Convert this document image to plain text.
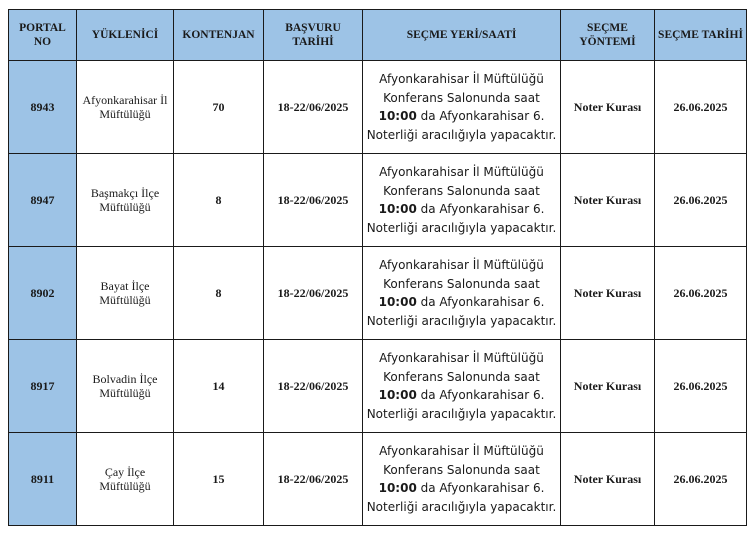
PORTAL NO	YÜKLENİCİ	KONTENJAN	BAŞVURU TARİHİ	SEÇME YERİ/SAATİ	SEÇME YÖNTEMİ	SEÇME TARİHİ
8943	Afyonkarahisar İl Müftülüğü	70	18-22/06/2025	Afyonkarahisar İl Müftülüğü Konferans Salonunda saat 10:00 da Afyonkarahisar 6. Noterliği aracılığıyla yapacaktır.	Noter Kurası	26.06.2025
8947	Başmakçı İlçe Müftülüğü	8	18-22/06/2025	Afyonkarahisar İl Müftülüğü Konferans Salonunda saat 10:00 da Afyonkarahisar 6. Noterliği aracılığıyla yapacaktır.	Noter Kurası	26.06.2025
8902	Bayat İlçe Müftülüğü	8	18-22/06/2025	Afyonkarahisar İl Müftülüğü Konferans Salonunda saat 10:00 da Afyonkarahisar 6. Noterliği aracılığıyla yapacaktır.	Noter Kurası	26.06.2025
8917	Bolvadin İlçe Müftülüğü	14	18-22/06/2025	Afyonkarahisar İl Müftülüğü Konferans Salonunda saat 10:00 da Afyonkarahisar 6. Noterliği aracılığıyla yapacaktır.	Noter Kurası	26.06.2025
8911	Çay İlçe Müftülüğü	15	18-22/06/2025	Afyonkarahisar İl Müftülüğü Konferans Salonunda saat 10:00 da Afyonkarahisar 6. Noterliği aracılığıyla yapacaktır.	Noter Kurası	26.06.2025
